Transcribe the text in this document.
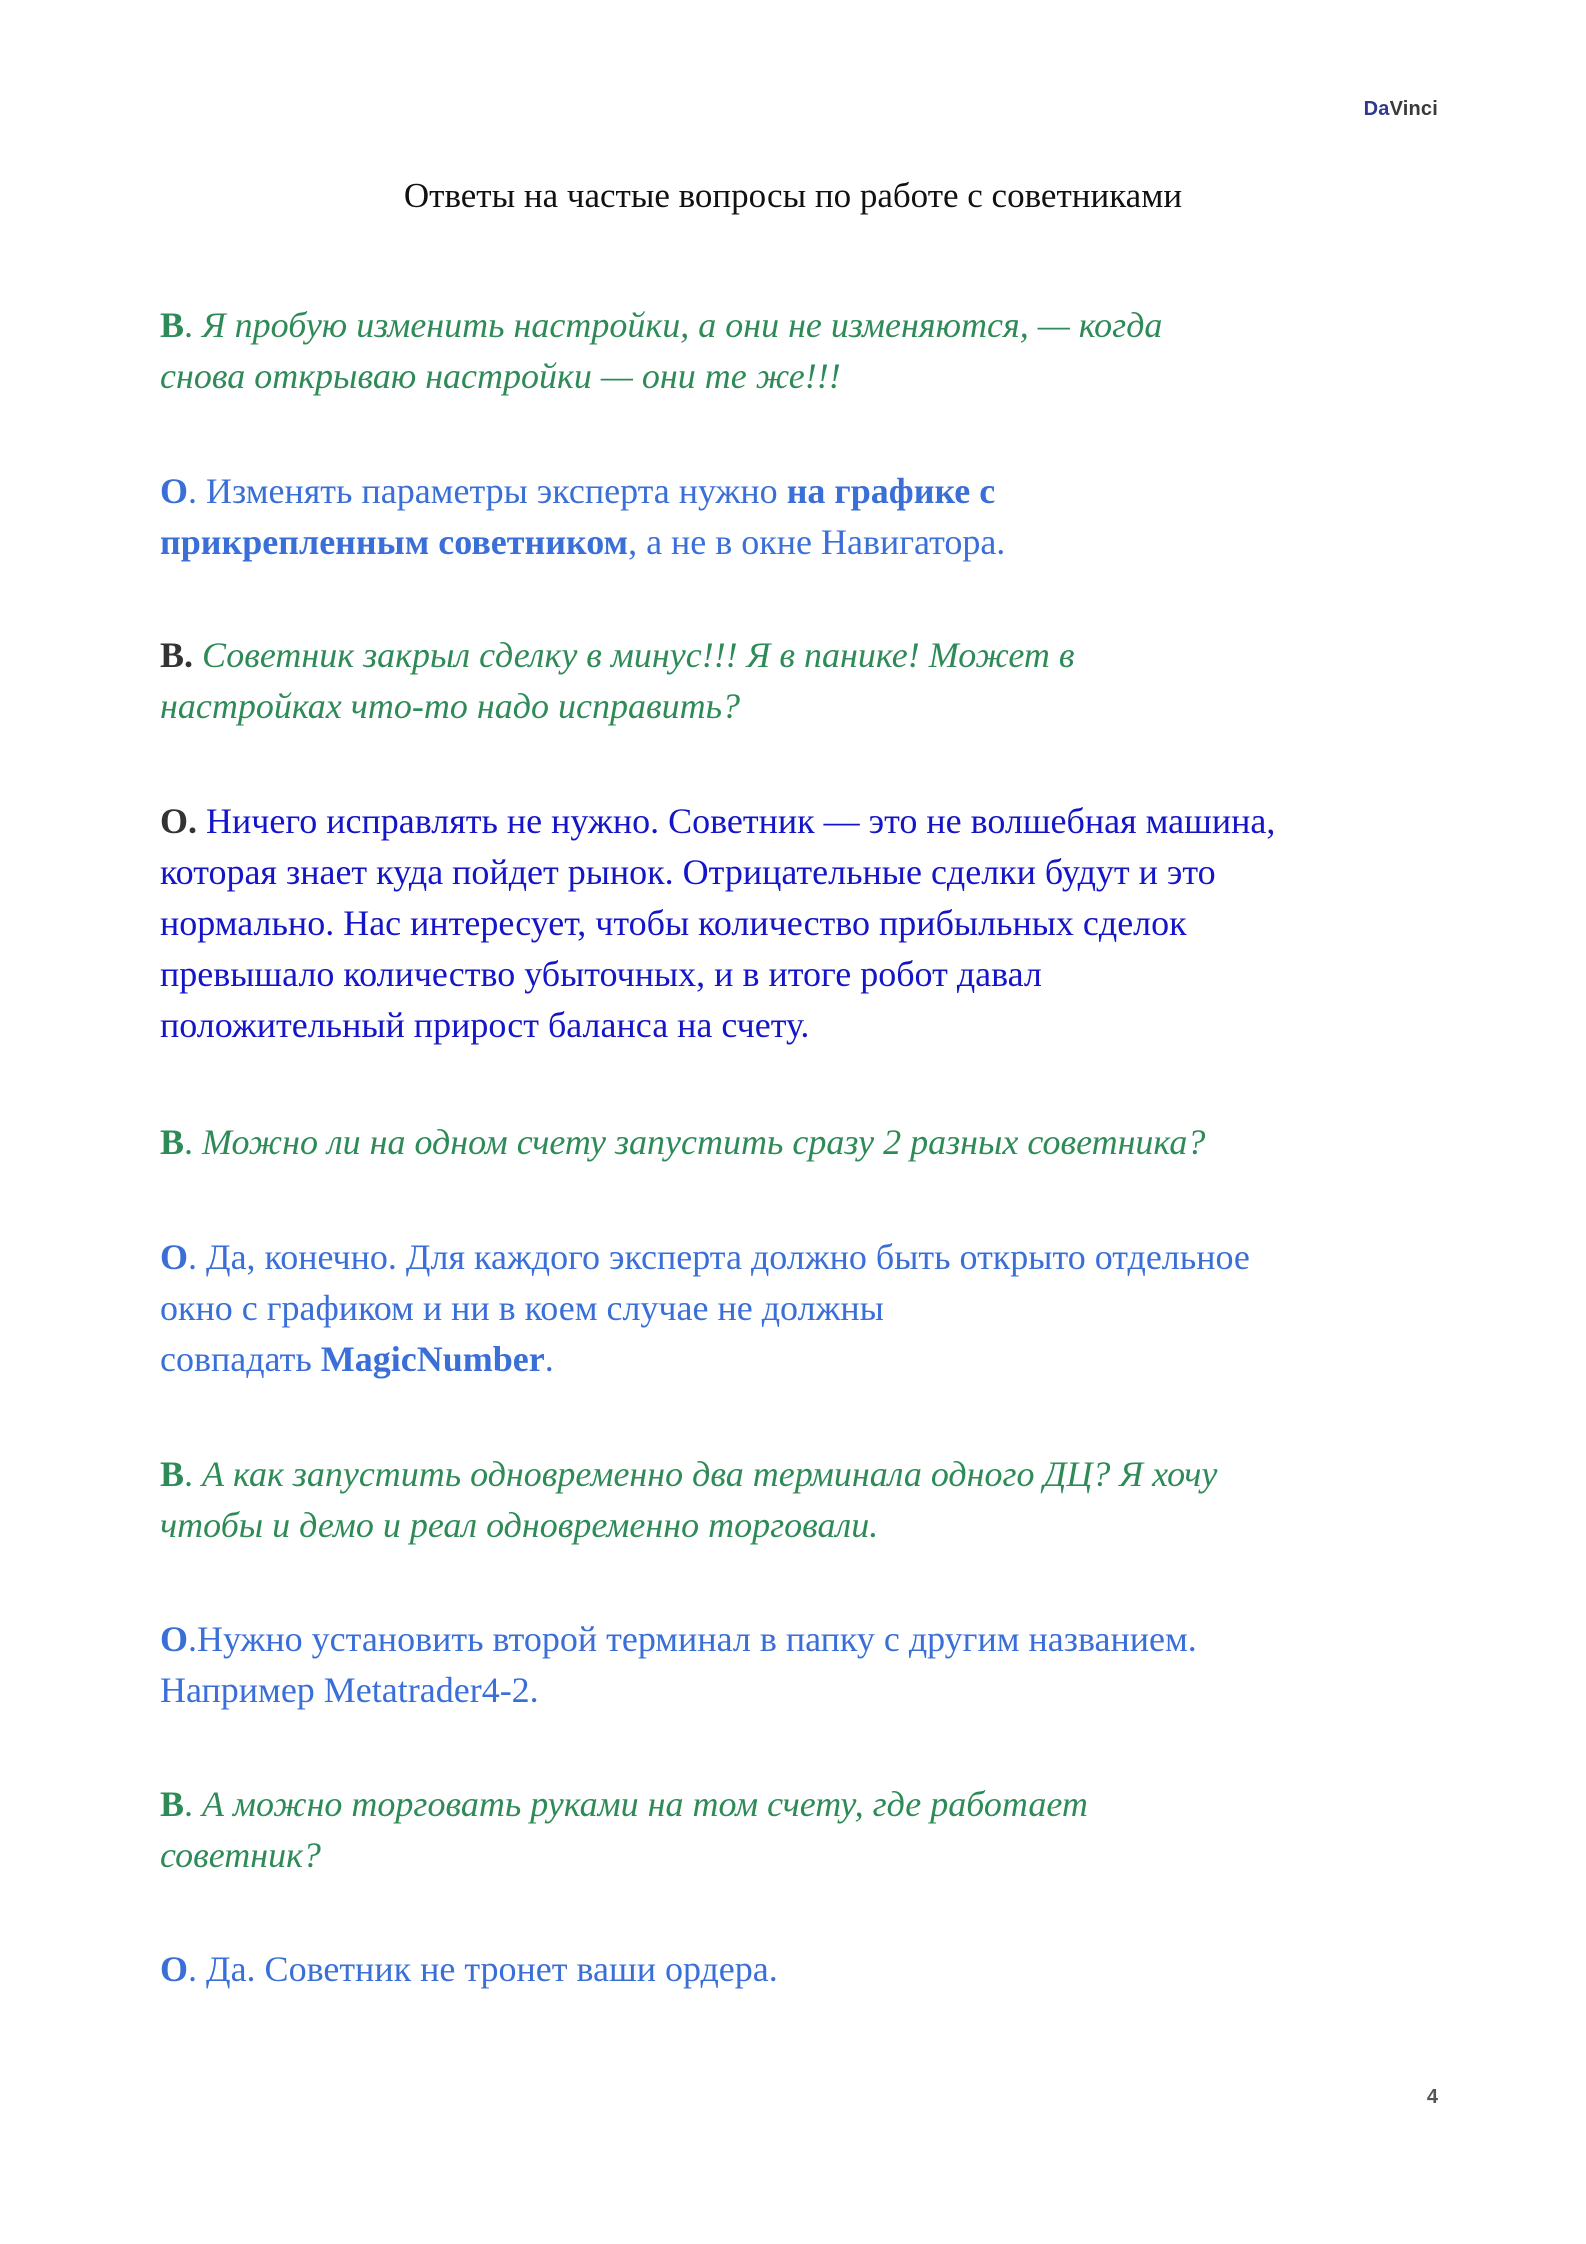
DaVinci
Ответы на частые вопросы по работе с советниками
В. Я пробую изменить настройки, а они не изменяются, — когда
снова открываю настройки — они те же!!!
О. Изменять параметры эксперта нужно на графике с
прикрепленным советником, а не в окне Навигатора.
В. Советник закрыл сделку в минус!!! Я в панике! Может в
настройках что-то надо исправить?
О. Ничего исправлять не нужно. Советник — это не волшебная машина,
которая знает куда пойдет рынок. Отрицательные сделки будут и это
нормально. Нас интересует, чтобы количество прибыльных сделок
превышало количество убыточных, и в итоге робот давал
положительный прирост баланса на счету.
В. Можно ли на одном счету запустить сразу 2 разных советника?
О. Да, конечно. Для каждого эксперта должно быть открыто отдельное
окно с графиком и ни в коем случае не должны
совпадать MagicNumber.
В. А как запустить одновременно два терминала одного ДЦ? Я хочу
чтобы и демо и реал одновременно торговали.
О.Нужно установить второй терминал в папку с другим названием.
Например Metatrader4-2.
В. А можно торговать руками на том счету, где работает
советник?
О. Да. Советник не тронет ваши ордера.
4
